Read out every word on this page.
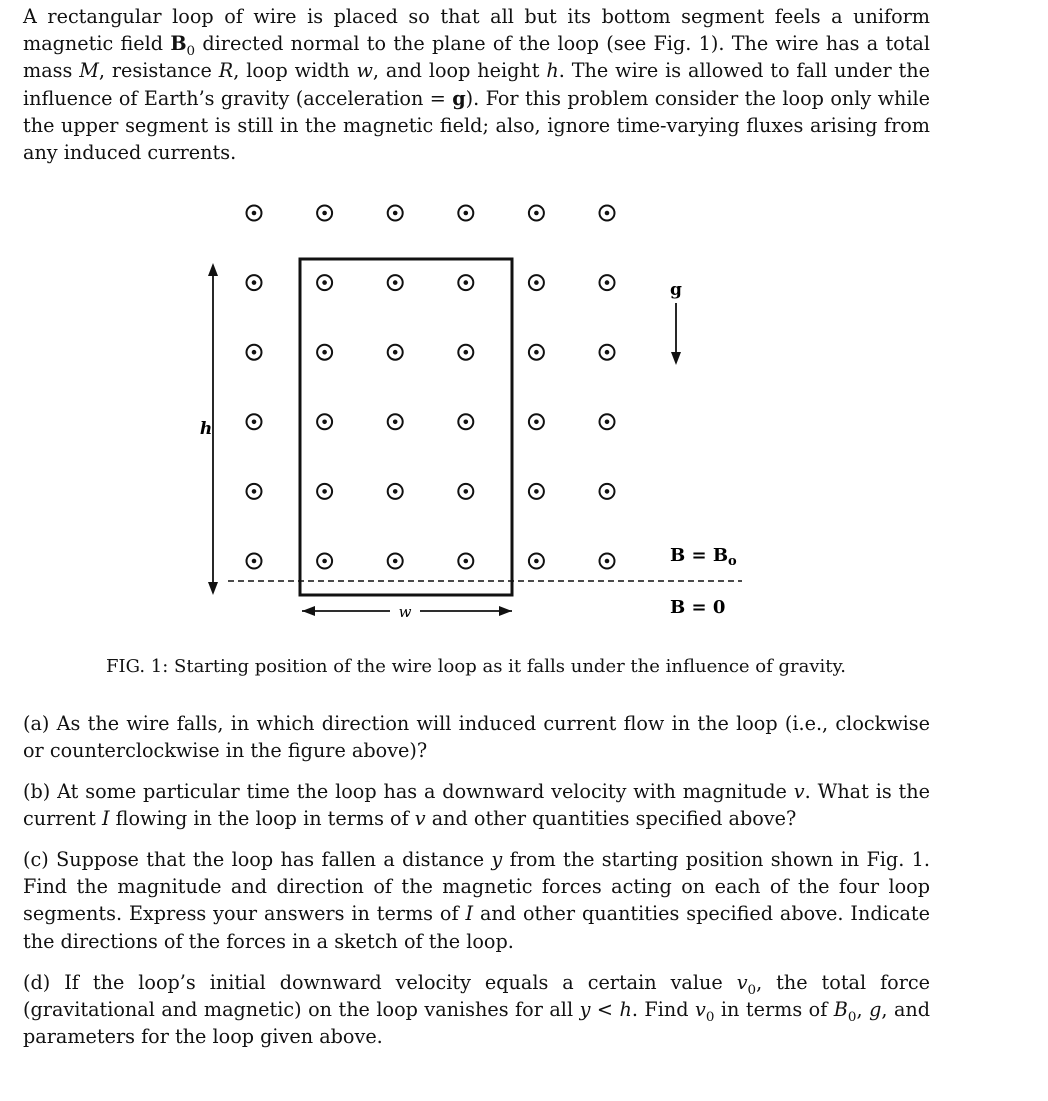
A rectangular loop of wire is placed so that all but its bottom segment feels a uniform magnetic field $B_0$ directed normal to the plane of the loop (see Fig. 1). The wire has a total mass M, resistance R, loop width w, and loop height h. The wire is allowed to fall under the influence of Earth’s gravity (acceleration = g). For this problem consider the loop only while the upper segment is still in the magnetic field; also, ignore time-varying fluxes arising from any induced currents.
h
w
g
$B = B_o$
B = 0
FIG. 1: Starting position of the wire loop as it falls under the influence of gravity.
(a) As the wire falls, in which direction will induced current flow in the loop (i.e., clockwise or counterclockwise in the figure above)?
(b) At some particular time the loop has a downward velocity with magnitude v. What is the current I flowing in the loop in terms of v and other quantities specified above?
(c) Suppose that the loop has fallen a distance y from the starting position shown in Fig. 1. Find the magnitude and direction of the magnetic forces acting on each of the four loop segments. Express your answers in terms of I and other quantities specified above. Indicate the directions of the forces in a sketch of the loop.
(d) If the loop’s initial downward velocity equals a certain value $v_0$, the total force (gravitational and magnetic) on the loop vanishes for all y < h. Find $v_0$ in terms of $B_0$, g, and parameters for the loop given above.
